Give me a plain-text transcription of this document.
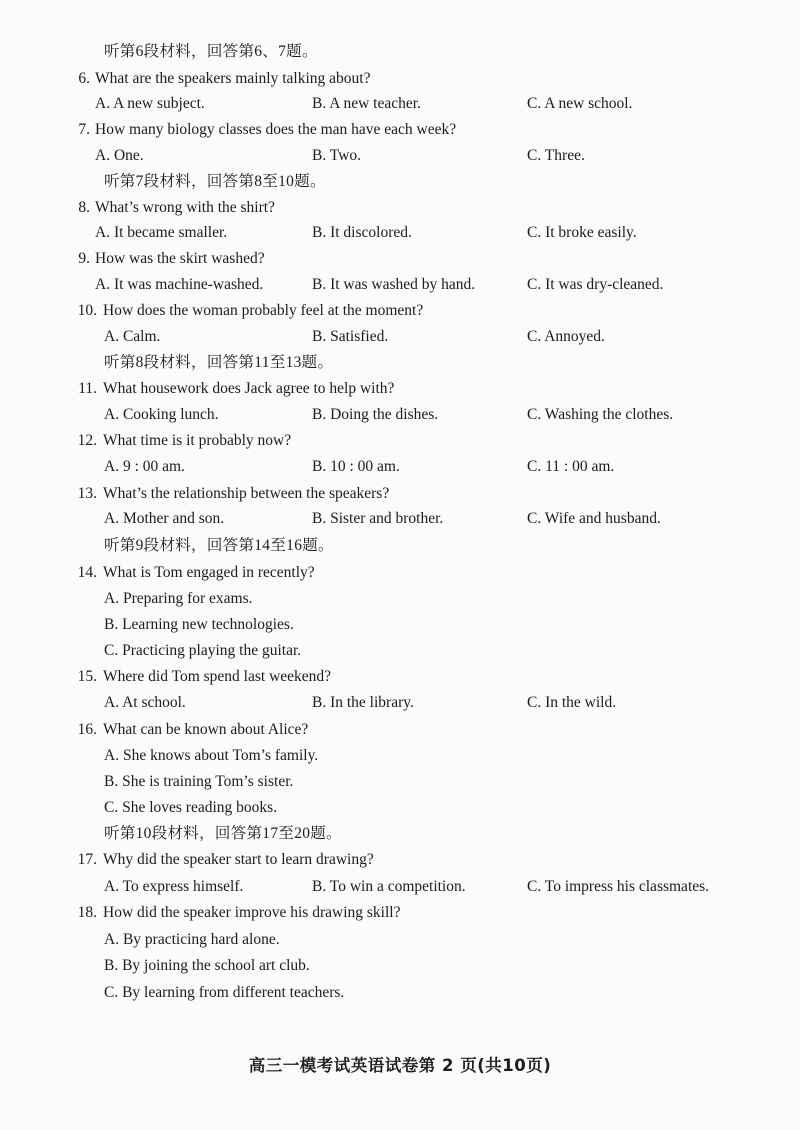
听第6段材料，回答第6、7题。
6. What are the speakers mainly talking about?
A. A new subject.	B. A new teacher.	C. A new school.
7. How many biology classes does the man have each week?
A. One.	B. Two.	C. Three.
听第7段材料，回答第8至10题。
8. What’s wrong with the shirt?
A. It became smaller.	B. It discolored.	C. It broke easily.
9. How was the skirt washed?
A. It was machine-washed.	B. It was washed by hand.	C. It was dry-cleaned.
10. How does the woman probably feel at the moment?
A. Calm.	B. Satisfied.	C. Annoyed.
听第8段材料，回答第11至13题。
11. What housework does Jack agree to help with?
A. Cooking lunch.	B. Doing the dishes.	C. Washing the clothes.
12. What time is it probably now?
A. 9 : 00 am.	B. 10 : 00 am.	C. 11 : 00 am.
13. What’s the relationship between the speakers?
A. Mother and son.	B. Sister and brother.	C. Wife and husband.
听第9段材料，回答第14至16题。
14. What is Tom engaged in recently?
A. Preparing for exams.
B. Learning new technologies.
C. Practicing playing the guitar.
15. Where did Tom spend last weekend?
A. At school.	B. In the library.	C. In the wild.
16. What can be known about Alice?
A. She knows about Tom’s family.
B. She is training Tom’s sister.
C. She loves reading books.
听第10段材料，回答第17至20题。
17. Why did the speaker start to learn drawing?
A. To express himself.	B. To win a competition.	C. To impress his classmates.
18. How did the speaker improve his drawing skill?
A. By practicing hard alone.
B. By joining the school art club.
C. By learning from different teachers.
高三一模考试英语试卷第 2 页(共10页)
